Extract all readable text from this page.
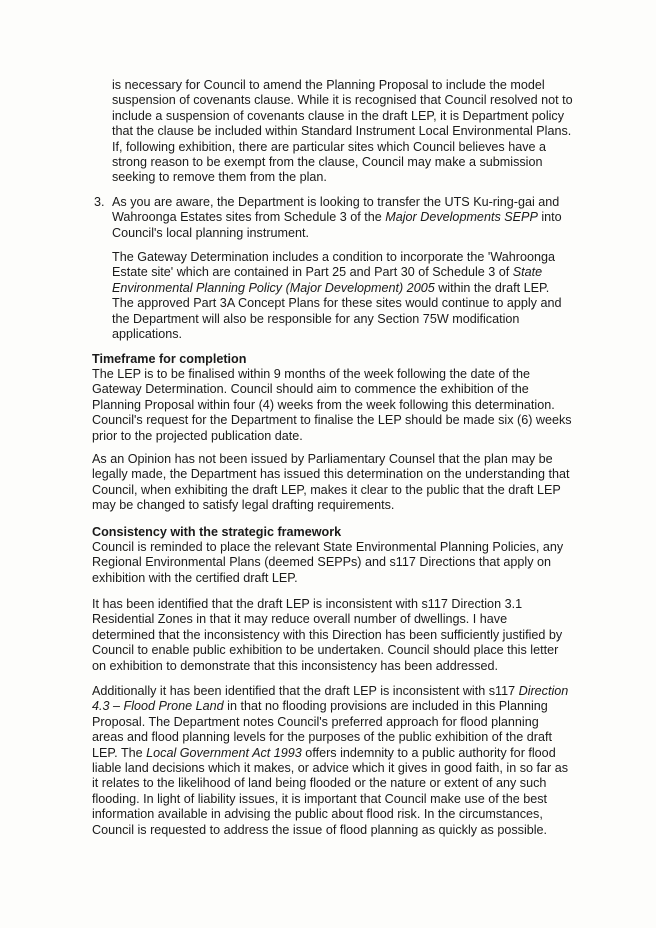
is necessary for Council to amend the Planning Proposal to include the model suspension of covenants clause. While it is recognised that Council resolved not to include a suspension of covenants clause in the draft LEP, it is Department policy that the clause be included within Standard Instrument Local Environmental Plans. If, following exhibition, there are particular sites which Council believes have a strong reason to be exempt from the clause, Council may make a submission seeking to remove them from the plan.

3. As you are aware, the Department is looking to transfer the UTS Ku-ring-gai and Wahroonga Estates sites from Schedule 3 of the Major Developments SEPP into Council's local planning instrument.

The Gateway Determination includes a condition to incorporate the 'Wahroonga Estate site' which are contained in Part 25 and Part 30 of Schedule 3 of State Environmental Planning Policy (Major Development) 2005 within the draft LEP. The approved Part 3A Concept Plans for these sites would continue to apply and the Department will also be responsible for any Section 75W modification applications.

Timeframe for completion

The LEP is to be finalised within 9 months of the week following the date of the Gateway Determination. Council should aim to commence the exhibition of the Planning Proposal within four (4) weeks from the week following this determination. Council's request for the Department to finalise the LEP should be made six (6) weeks prior to the projected publication date.

As an Opinion has not been issued by Parliamentary Counsel that the plan may be legally made, the Department has issued this determination on the understanding that Council, when exhibiting the draft LEP, makes it clear to the public that the draft LEP may be changed to satisfy legal drafting requirements.

Consistency with the strategic framework

Council is reminded to place the relevant State Environmental Planning Policies, any Regional Environmental Plans (deemed SEPPs) and s117 Directions that apply on exhibition with the certified draft LEP.

It has been identified that the draft LEP is inconsistent with s117 Direction 3.1 Residential Zones in that it may reduce overall number of dwellings. I have determined that the inconsistency with this Direction has been sufficiently justified by Council to enable public exhibition to be undertaken. Council should place this letter on exhibition to demonstrate that this inconsistency has been addressed.

Additionally it has been identified that the draft LEP is inconsistent with s117 Direction 4.3 – Flood Prone Land in that no flooding provisions are included in this Planning Proposal. The Department notes Council's preferred approach for flood planning areas and flood planning levels for the purposes of the public exhibition of the draft LEP. The Local Government Act 1993 offers indemnity to a public authority for flood liable land decisions which it makes, or advice which it gives in good faith, in so far as it relates to the likelihood of land being flooded or the nature or extent of any such flooding. In light of liability issues, it is important that Council make use of the best information available in advising the public about flood risk. In the circumstances, Council is requested to address the issue of flood planning as quickly as possible.
